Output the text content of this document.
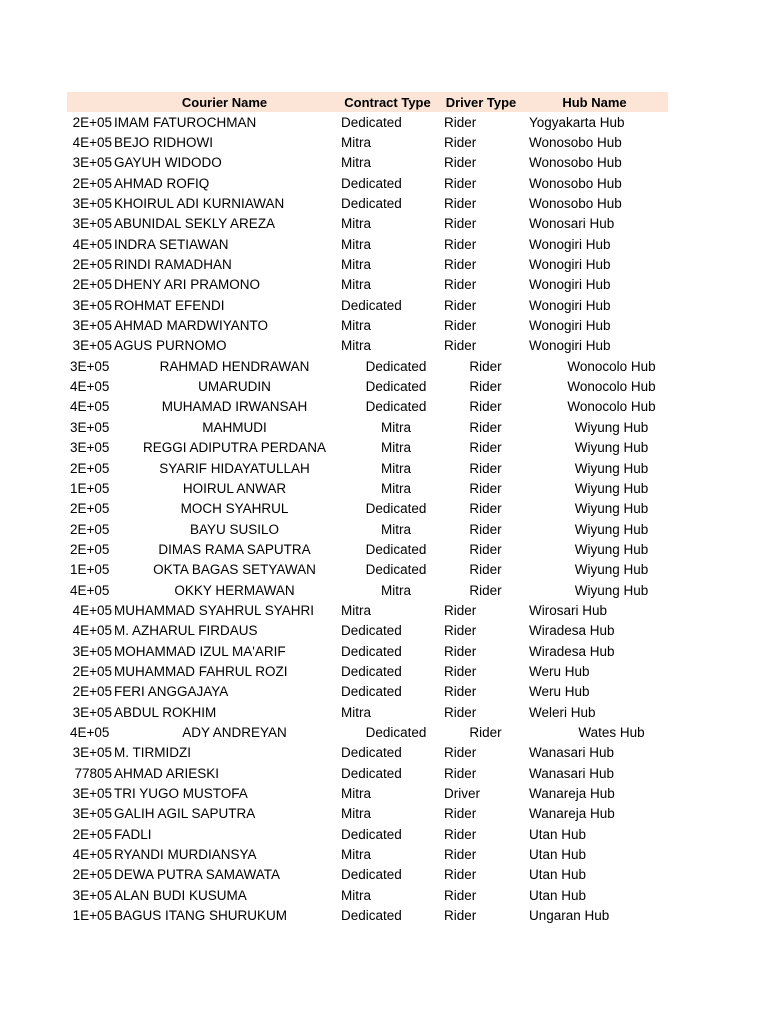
Courier Name	Contract Type	Driver Type	Hub Name
2E+05 IMAM FATUROCHMAN	Dedicated	Rider	Yogyakarta Hub
4E+05 BEJO RIDHOWI	Mitra	Rider	Wonosobo Hub
3E+05 GAYUH WIDODO	Mitra	Rider	Wonosobo Hub
2E+05 AHMAD ROFIQ	Dedicated	Rider	Wonosobo Hub
3E+05 KHOIRUL ADI KURNIAWAN	Dedicated	Rider	Wonosobo Hub
3E+05 ABUNIDAL SEKLY AREZA	Mitra	Rider	Wonosari Hub
4E+05 INDRA SETIAWAN	Mitra	Rider	Wonogiri Hub
2E+05 RINDI RAMADHAN	Mitra	Rider	Wonogiri Hub
2E+05 DHENY ARI PRAMONO	Mitra	Rider	Wonogiri Hub
3E+05 ROHMAT EFENDI	Dedicated	Rider	Wonogiri Hub
3E+05 AHMAD MARDWIYANTO	Mitra	Rider	Wonogiri Hub
3E+05 AGUS PURNOMO	Mitra	Rider	Wonogiri Hub
3E+05	RAHMAD HENDRAWAN	Dedicated	Rider	Wonocolo Hub
4E+05	UMARUDIN	Dedicated	Rider	Wonocolo Hub
4E+05	MUHAMAD IRWANSAH	Dedicated	Rider	Wonocolo Hub
3E+05	MAHMUDI	Mitra	Rider	Wiyung Hub
3E+05	REGGI ADIPUTRA PERDANA	Mitra	Rider	Wiyung Hub
2E+05	SYARIF HIDAYATULLAH	Mitra	Rider	Wiyung Hub
1E+05	HOIRUL ANWAR	Mitra	Rider	Wiyung Hub
2E+05	MOCH SYAHRUL	Dedicated	Rider	Wiyung Hub
2E+05	BAYU SUSILO	Mitra	Rider	Wiyung Hub
2E+05	DIMAS RAMA SAPUTRA	Dedicated	Rider	Wiyung Hub
1E+05	OKTA BAGAS SETYAWAN	Dedicated	Rider	Wiyung Hub
4E+05	OKKY HERMAWAN	Mitra	Rider	Wiyung Hub
4E+05 MUHAMMAD SYAHRUL SYAHRI	Mitra	Rider	Wirosari Hub
4E+05 M. AZHARUL FIRDAUS	Dedicated	Rider	Wiradesa Hub
3E+05 MOHAMMAD IZUL MA'ARIF	Dedicated	Rider	Wiradesa Hub
2E+05 MUHAMMAD FAHRUL ROZI	Dedicated	Rider	Weru Hub
2E+05 FERI ANGGAJAYA	Dedicated	Rider	Weru Hub
3E+05 ABDUL ROKHIM	Mitra	Rider	Weleri Hub
4E+05	ADY ANDREYAN	Dedicated	Rider	Wates Hub
3E+05 M. TIRMIDZI	Dedicated	Rider	Wanasari Hub
77805 AHMAD ARIESKI	Dedicated	Rider	Wanasari Hub
3E+05 TRI YUGO MUSTOFA	Mitra	Driver	Wanareja Hub
3E+05 GALIH AGIL SAPUTRA	Mitra	Rider	Wanareja Hub
2E+05 FADLI	Dedicated	Rider	Utan Hub
4E+05 RYANDI MURDIANSYA	Mitra	Rider	Utan Hub
2E+05 DEWA PUTRA SAMAWATA	Dedicated	Rider	Utan Hub
3E+05 ALAN BUDI KUSUMA	Mitra	Rider	Utan Hub
1E+05 BAGUS ITANG SHURUKUM	Dedicated	Rider	Ungaran Hub
